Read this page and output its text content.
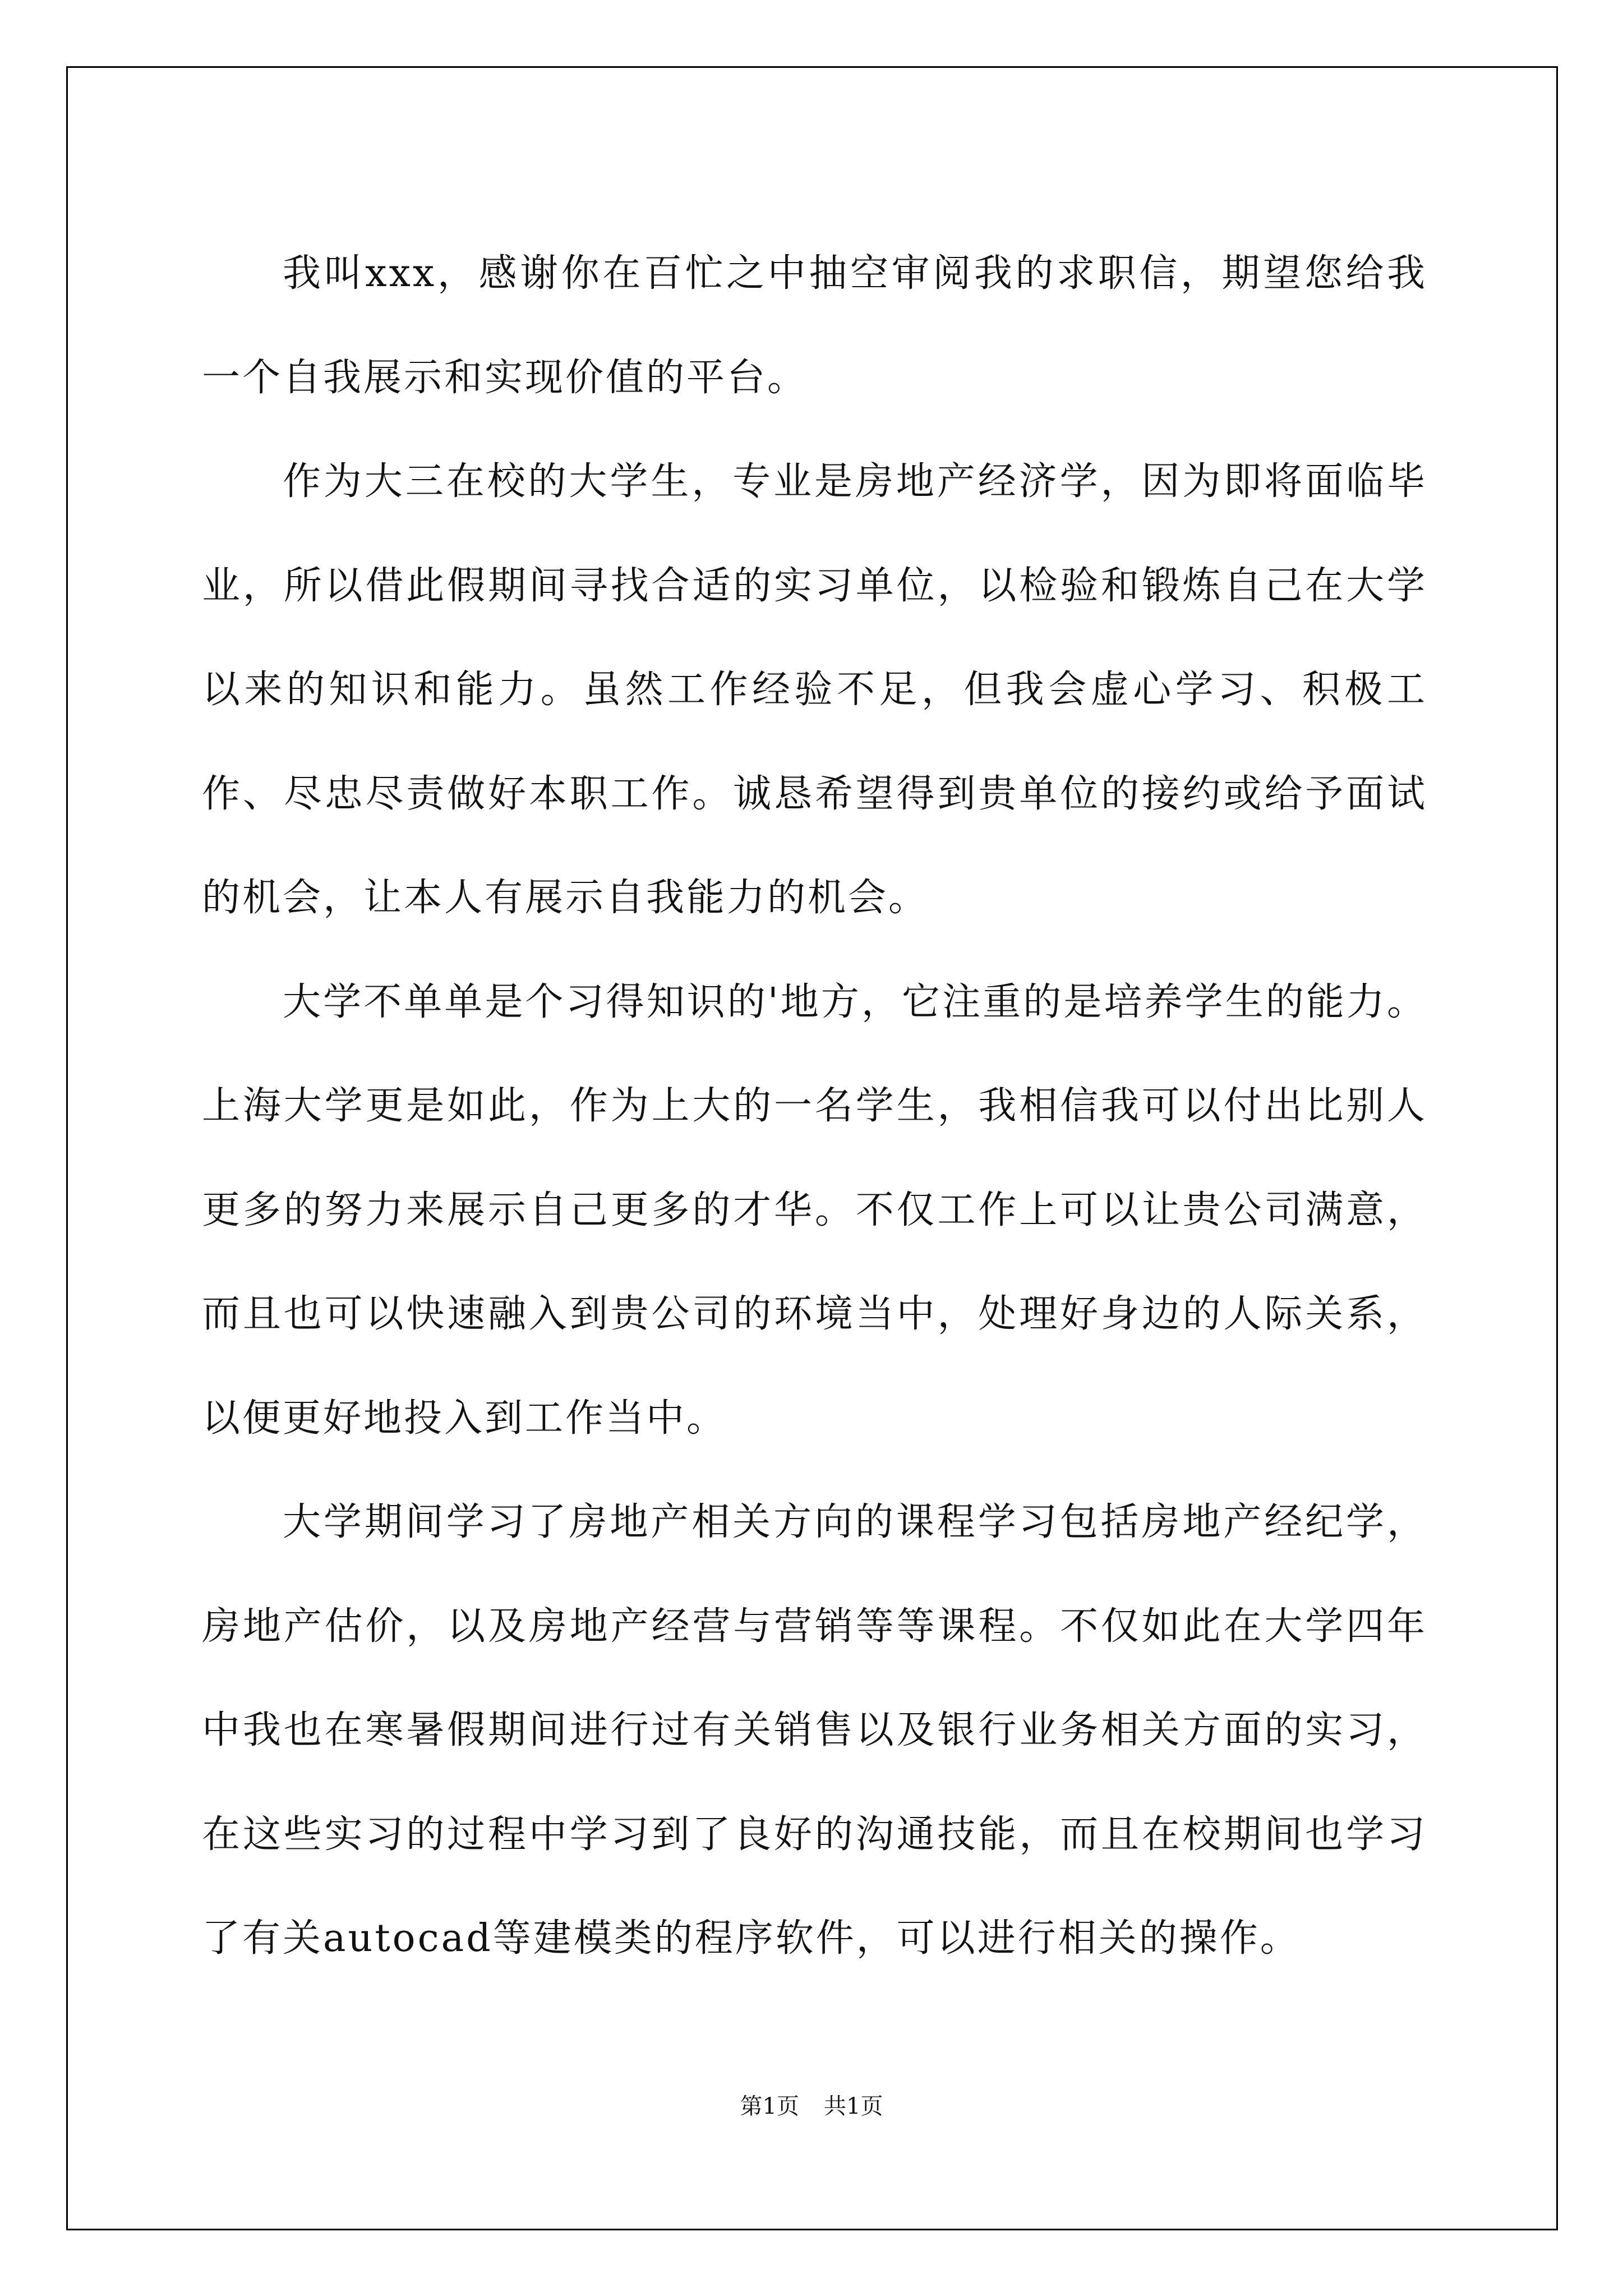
我叫xxx，感谢你在百忙之中抽空审阅我的求职信，期望您给我一个自我展示和实现价值的平台。

作为大三在校的大学生，专业是房地产经济学，因为即将面临毕业，所以借此假期间寻找合适的实习单位，以检验和锻炼自己在大学以来的知识和能力。虽然工作经验不足，但我会虚心学习、积极工作、尽忠尽责做好本职工作。诚恳希望得到贵单位的接约或给予面试的机会，让本人有展示自我能力的机会。

大学不单单是个习得知识的'地方，它注重的是培养学生的能力。上海大学更是如此，作为上大的一名学生，我相信我可以付出比别人更多的努力来展示自己更多的才华。不仅工作上可以让贵公司满意，而且也可以快速融入到贵公司的环境当中，处理好身边的人际关系，以便更好地投入到工作当中。

大学期间学习了房地产相关方向的课程学习包括房地产经纪学，房地产估价，以及房地产经营与营销等等课程。不仅如此在大学四年中我也在寒暑假期间进行过有关销售以及银行业务相关方面的实习，在这些实习的过程中学习到了良好的沟通技能，而且在校期间也学习了有关autocad等建模类的程序软件，可以进行相关的操作。

第1页 共1页
